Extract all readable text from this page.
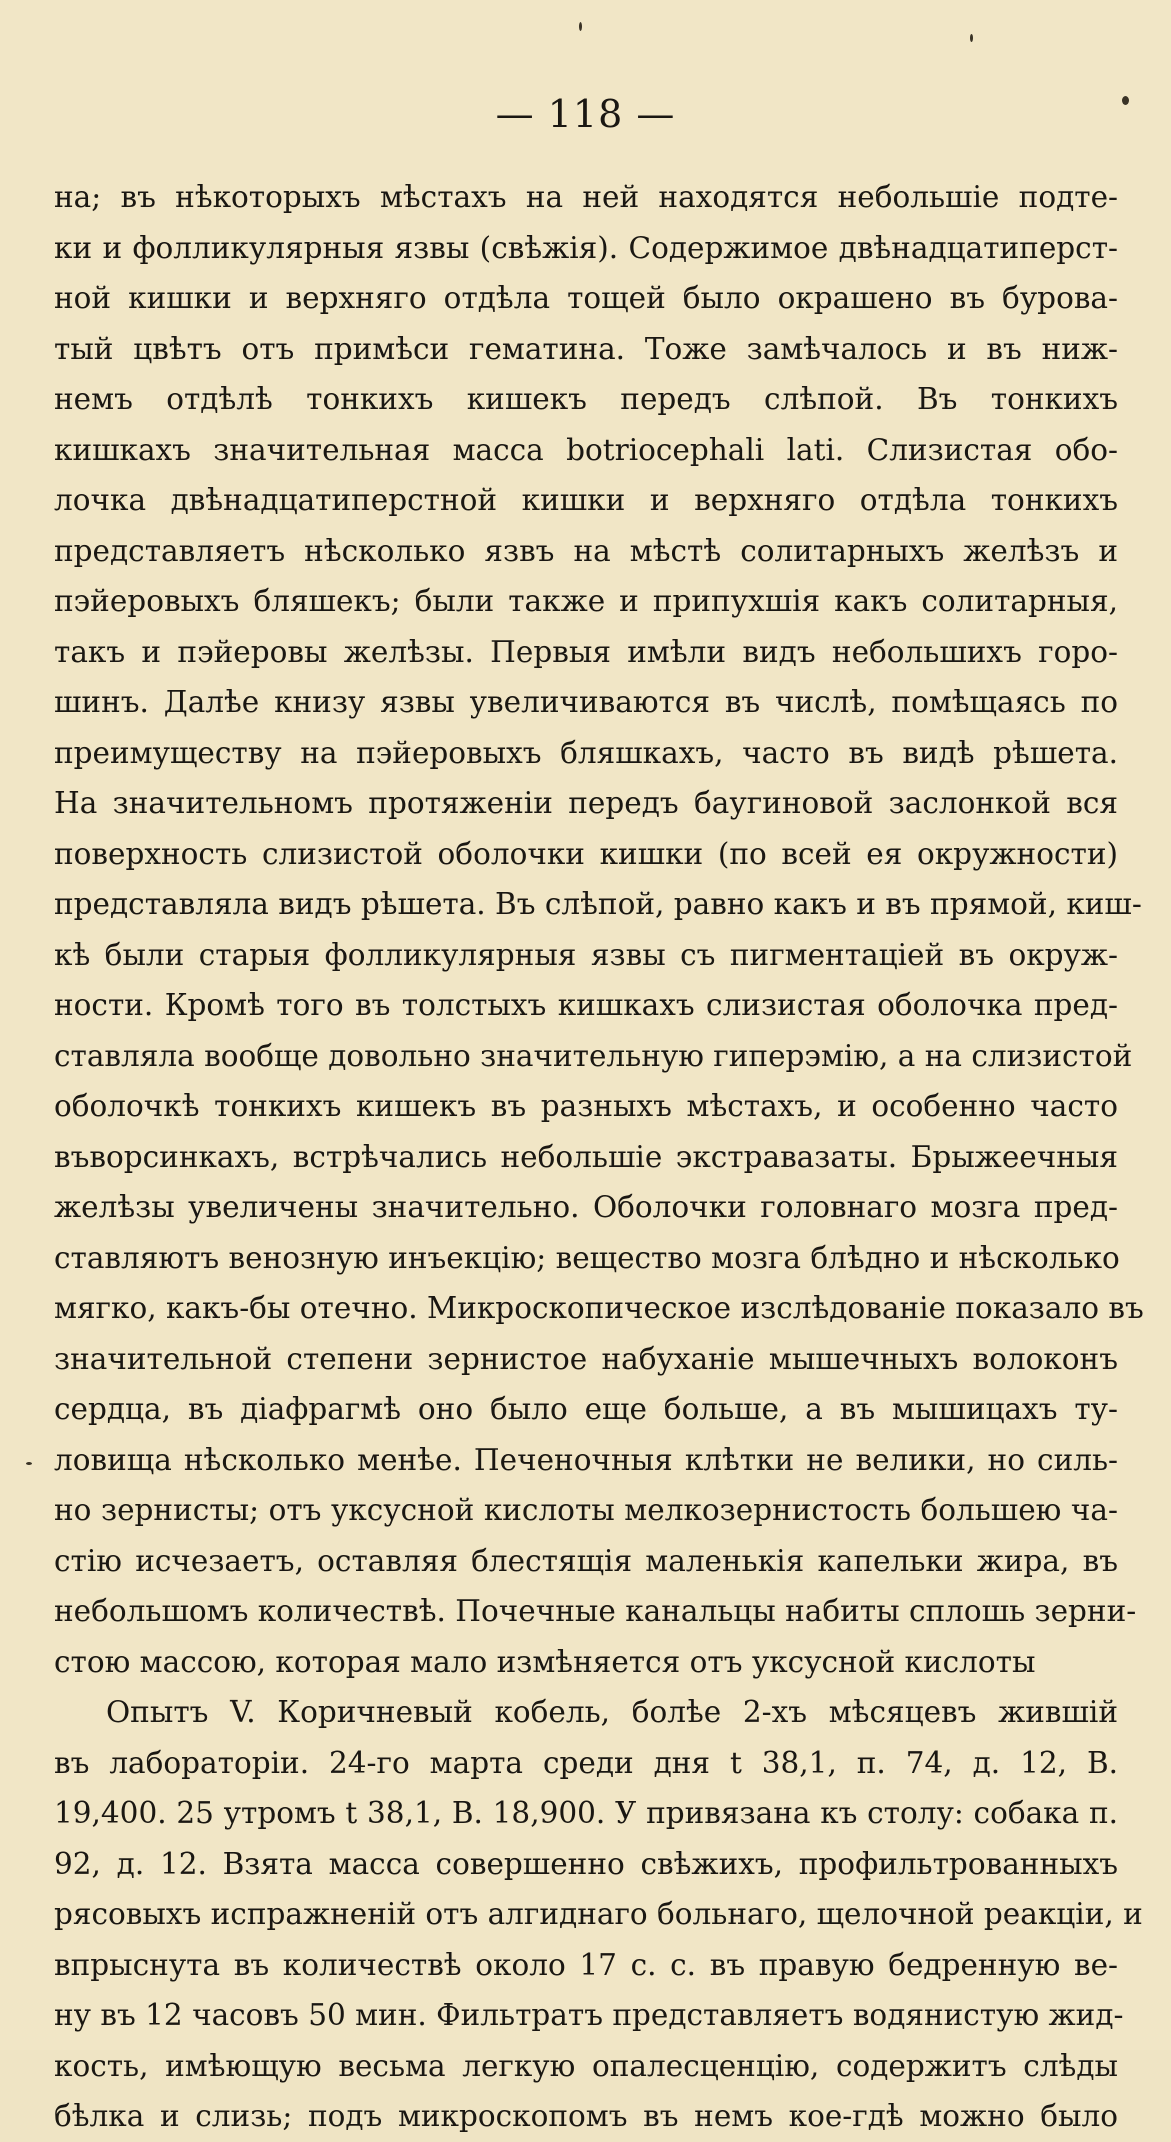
— 118 —
на; въ нѣкоторыхъ мѣстахъ на ней находятся небольшіе подте-
ки и фолликулярныя язвы (свѣжія). Содержимое двѣнадцатиперст-
ной кишки и верхняго отдѣла тощей было окрашено въ бурова-
тый цвѣтъ отъ примѣси гематина. Тоже замѣчалось и въ ниж-
немъ отдѣлѣ тонкихъ кишекъ передъ слѣпой. Въ тонкихъ
кишкахъ значительная масса botrioceрhali lati. Слизистая обо-
лочка двѣнадцатиперстной кишки и верхняго отдѣла тонкихъ
представляетъ нѣсколько язвъ на мѣстѣ солитарныхъ желѣзъ и
пэйеровыхъ бляшекъ; были также и припухшія какъ солитарныя,
такъ и пэйеровы желѣзы. Первыя имѣли видъ небольшихъ горо-
шинъ. Далѣе книзу язвы увеличиваются въ числѣ, помѣщаясь по
преимуществу на пэйеровыхъ бляшкахъ, часто въ видѣ рѣшета.
На значительномъ протяженіи передъ баугиновой заслонкой вся
поверхность слизистой оболочки кишки (по всей ея окружности)
представляла видъ рѣшета. Въ слѣпой, равно какъ и въ прямой, киш-
кѣ были старыя фолликулярныя язвы съ пигментаціей въ окруж-
ности. Кромѣ того въ толстыхъ кишкахъ слизистая оболочка пред-
ставляла вообще довольно значительную гиперэмію, а на слизистой
оболочкѣ тонкихъ кишекъ въ разныхъ мѣстахъ, и особенно часто
въворсинкахъ, встрѣчались небольшіе экстравазаты. Брыжеечныя
желѣзы увеличены значительно. Оболочки головнаго мозга пред-
ставляютъ венозную инъекцію; вещество мозга блѣдно и нѣсколько
мягко, какъ-бы отечно. Микроскопическое изслѣдованіе показало въ
значительной степени зернистое набуханіе мышечныхъ волоконъ
сердца, въ діафрагмѣ оно было еще больше, а въ мышицахъ ту-
ловища нѣсколько менѣе. Печеночныя клѣтки не велики, но силь-
но зернисты; отъ уксусной кислоты мелкозернистость большею ча-
стію исчезаетъ, оставляя блестящія маленькія капельки жира, въ
небольшомъ количествѣ. Почечные канальцы набиты сплошь зерни-
стою массою, которая мало измѣняется отъ уксусной кислоты
Опытъ V. Коричневый кобель, болѣе 2-хъ мѣсяцевъ жившій
въ лабораторіи. 24-го марта среди дня t 38,1, п. 74, д. 12, В.
19,400. 25 утромъ t 38,1, В. 18,900. У привязана къ столу: собака п.
92, д. 12. Взята масса совершенно свѣжихъ, профильтрованныхъ
рясовыхъ испражненій отъ алгиднаго больнаго, щелочной реакціи, и
впрыснута въ количествѣ около 17 с. с. въ правую бедренную ве-
ну въ 12 часовъ 50 мин. Фильтратъ представляетъ водянистую жид-
кость, имѣющую весьма легкую опалесценцію, содержитъ слѣды
бѣлка и слизь; подъ микроскопомъ въ немъ кое-гдѣ можно было
